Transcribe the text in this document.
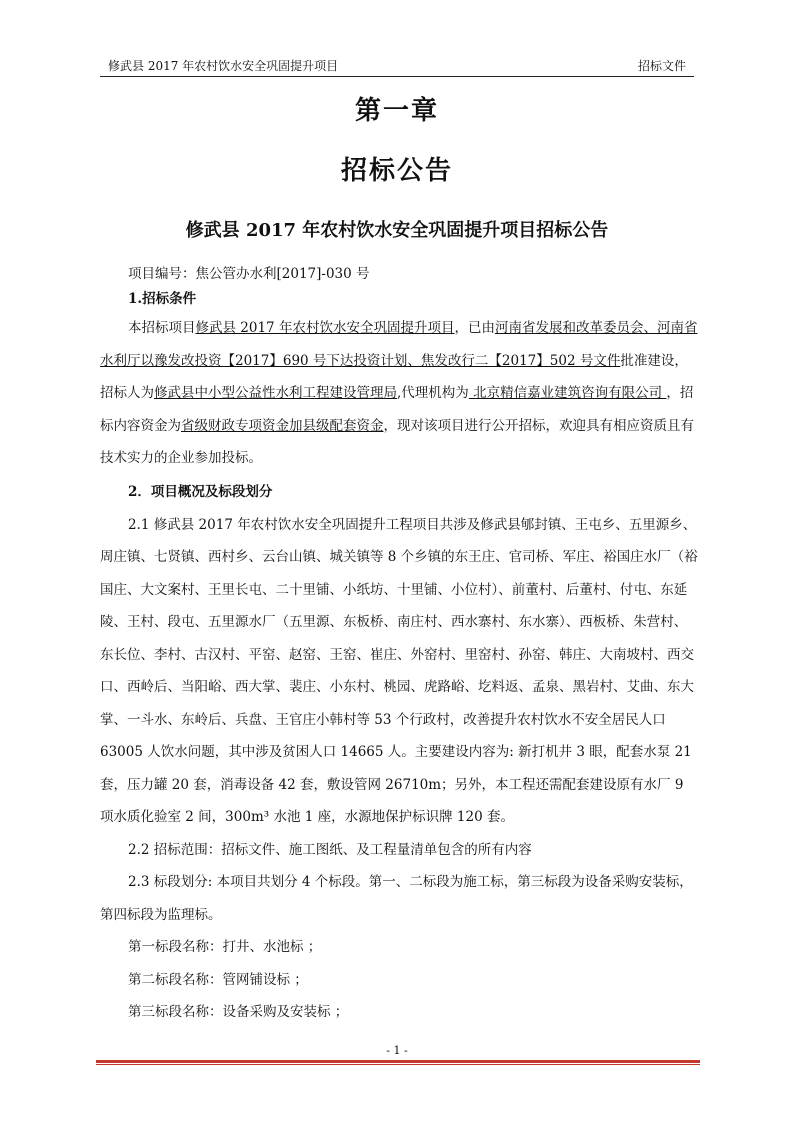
修武县 2017 年农村饮水安全巩固提升项目	招标文件
第一章
招标公告
修武县 2017 年农村饮水安全巩固提升项目招标公告

项目编号：焦公管办水利[2017]-030 号

1.招标条件

本招标项目修武县 2017 年农村饮水安全巩固提升项目，已由河南省发展和改革委员会、河南省水利厅以豫发改投资【2017】690 号下达投资计划、焦发改行二【2017】502 号文件批准建设，招标人为修武县中小型公益性水利工程建设管理局,代理机构为 北京精信嘉业建筑咨询有限公司 ，招标内容资金为省级财政专项资金加县级配套资金，现对该项目进行公开招标，欢迎具有相应资质且有技术实力的企业参加投标。

2．项目概况及标段划分

2.1 修武县 2017 年农村饮水安全巩固提升工程项目共涉及修武县郇封镇、王屯乡、五里源乡、周庄镇、七贤镇、西村乡、云台山镇、城关镇等 8 个乡镇的东王庄、官司桥、军庄、裕国庄水厂（裕国庄、大文案村、王里长屯、二十里铺、小纸坊、十里铺、小位村）、前董村、后董村、付屯、东延陵、王村、段屯、五里源水厂（五里源、东板桥、南庄村、西水寨村、东水寨）、西板桥、朱营村、东长位、李村、古汉村、平窑、赵窑、王窑、崔庄、外窑村、里窑村、孙窑、韩庄、大南坡村、西交口、西岭后、当阳峪、西大掌、裴庄、小东村、桃园、虎路峪、圪料返、孟泉、黑岩村、艾曲、东大掌、一斗水、东岭后、兵盘、王官庄小韩村等 53 个行政村，改善提升农村饮水不安全居民人口 63005 人饮水问题，其中涉及贫困人口 14665 人。主要建设内容为: 新打机井 3 眼，配套水泵 21 套，压力罐 20 套，消毒设备 42 套，敷设管网 26710m；另外，本工程还需配套建设原有水厂 9 项水质化验室 2 间，300m³ 水池 1 座，水源地保护标识牌 120 套。

2.2 招标范围：招标文件、施工图纸、及工程量清单包含的所有内容

2.3 标段划分: 本项目共划分 4 个标段。第一、二标段为施工标，第三标段为设备采购安装标，第四标段为监理标。

第一标段名称：打井、水池标 ；

第二标段名称：管网铺设标 ；

第三标段名称：设备采购及安装标 ；

- 1 -
